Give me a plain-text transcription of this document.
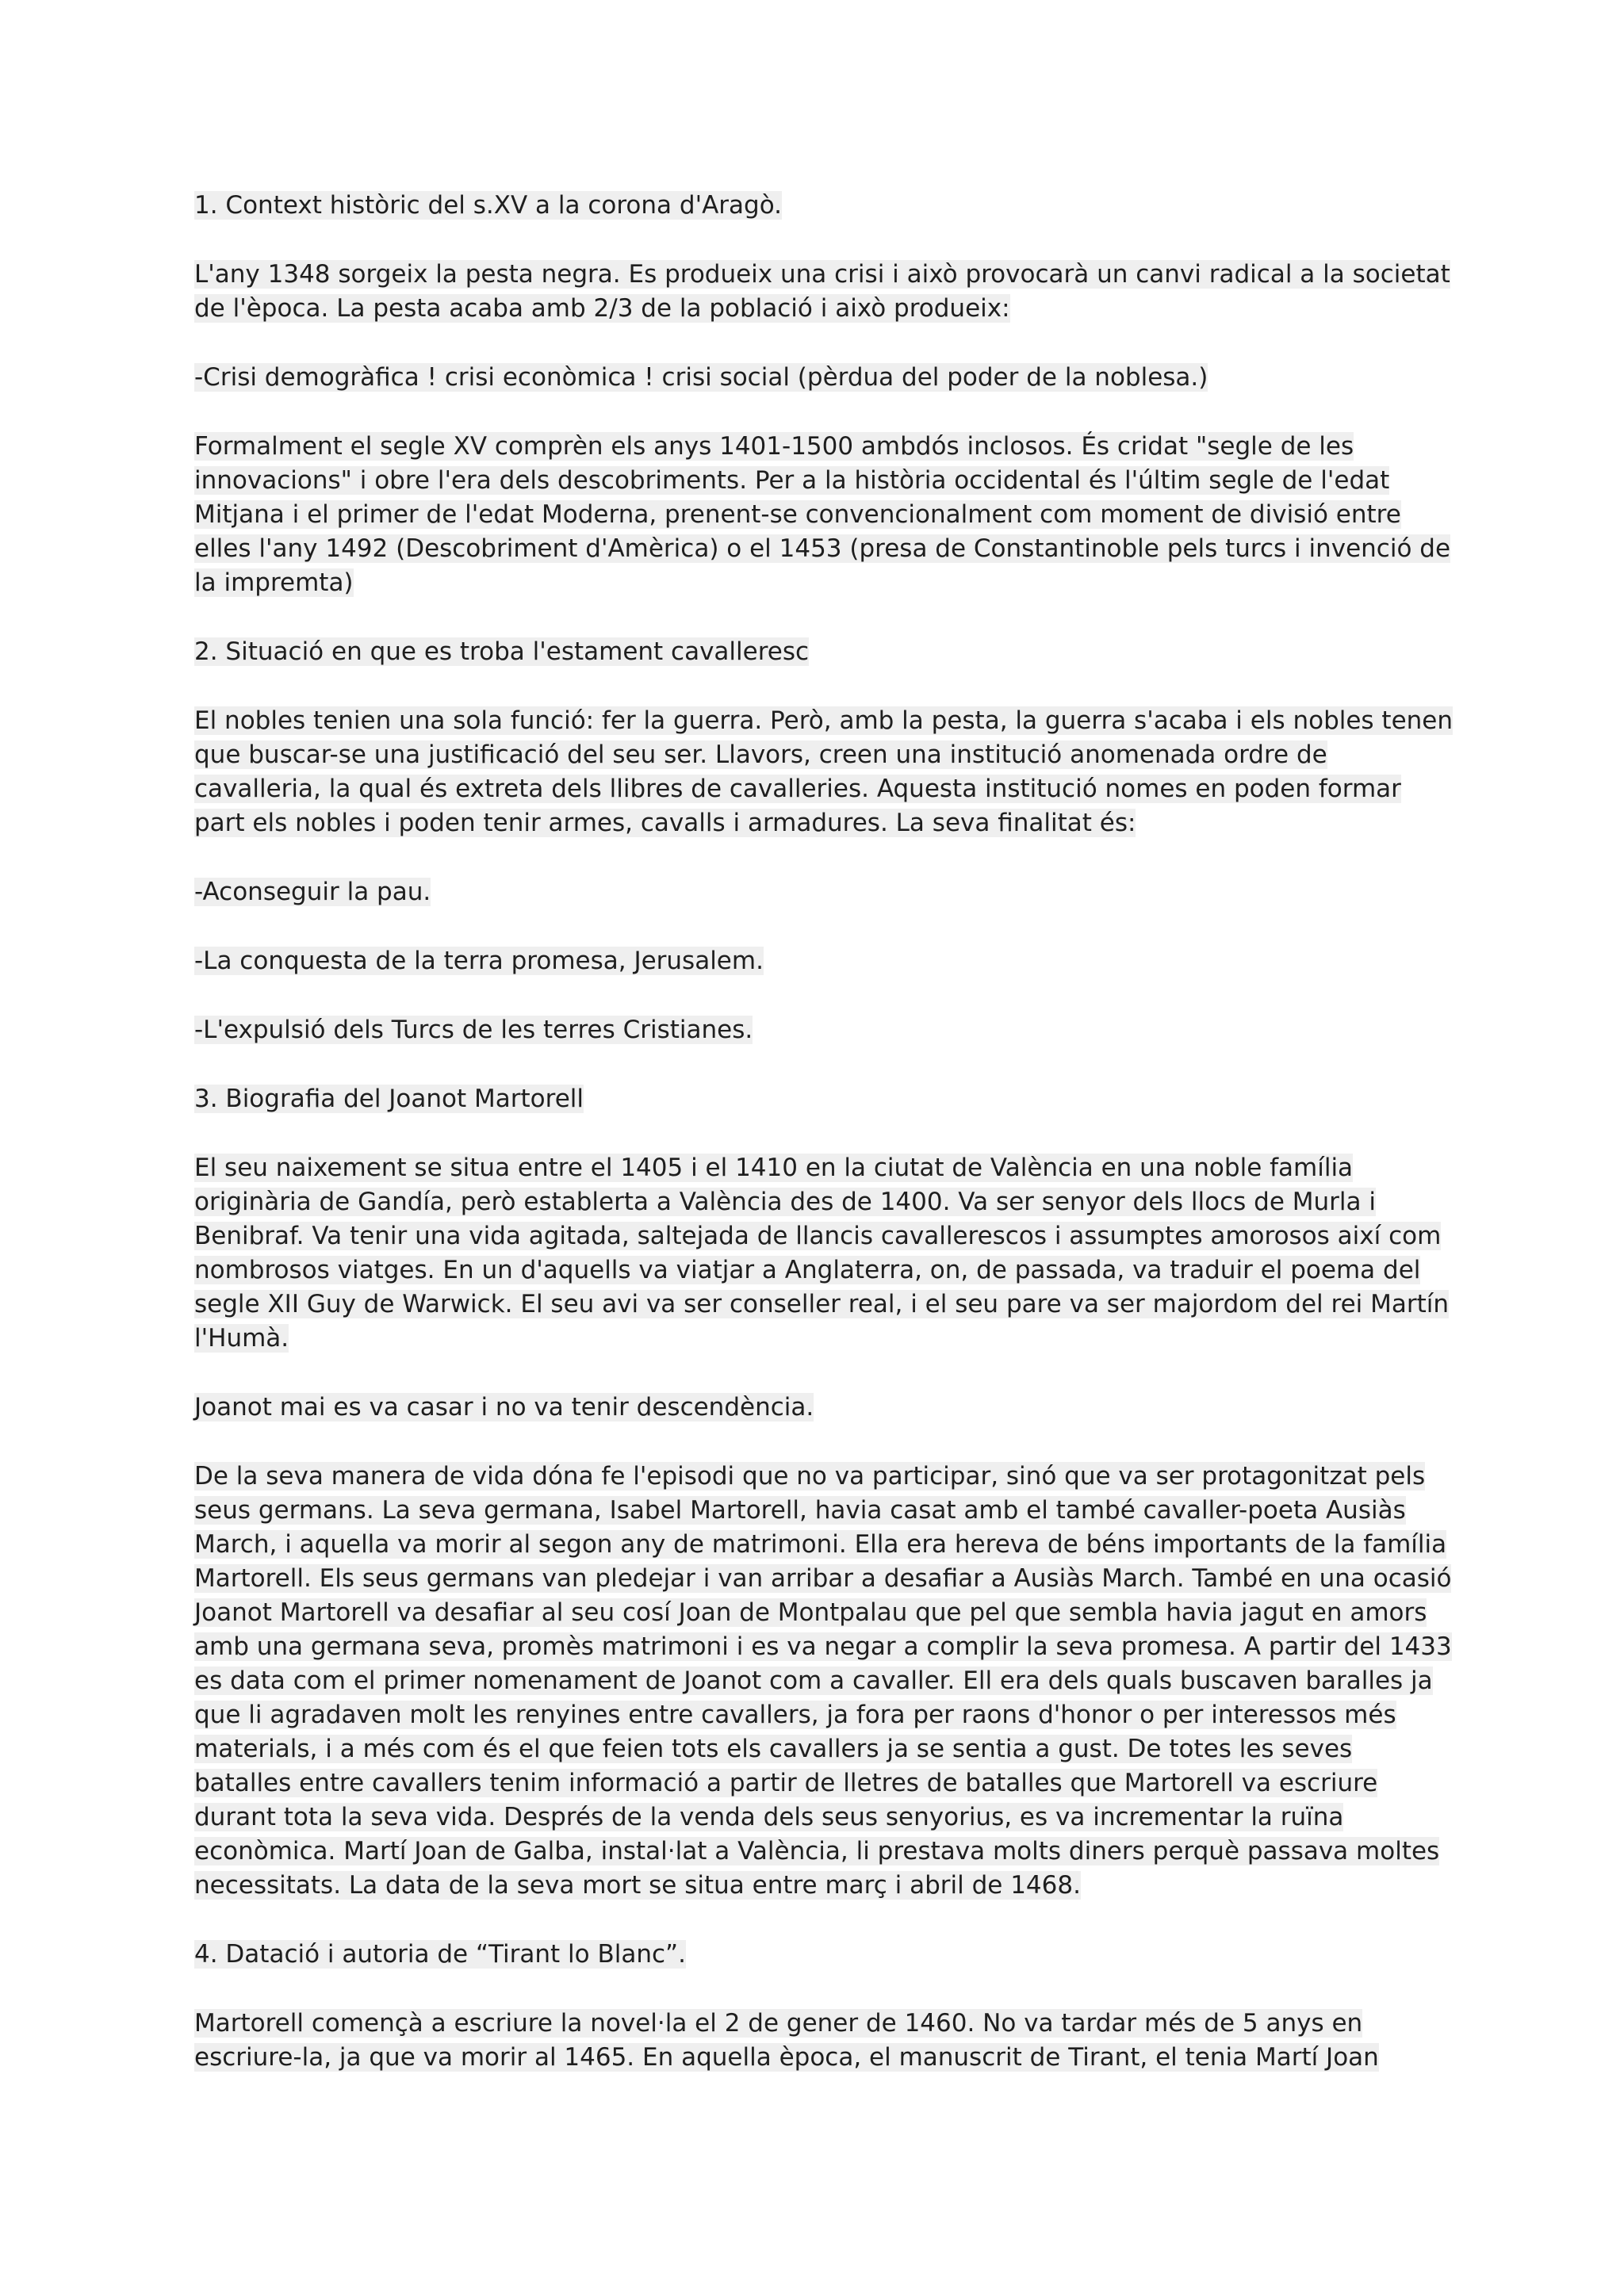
1. Context històric del s.XV a la corona d'Aragò.

L'any 1348 sorgeix la pesta negra. Es produeix una crisi i això provocarà un canvi radical a la societat de l'època. La pesta acaba amb 2/3 de la població i això produeix:

-Crisi demogràfica ! crisi econòmica ! crisi social (pèrdua del poder de la noblesa.)

Formalment el segle XV comprèn els anys 1401-1500 ambdós inclosos. És cridat "segle de les innovacions" i obre l'era dels descobriments. Per a la història occidental és l'últim segle de l'edat Mitjana i el primer de l'edat Moderna, prenent-se convencionalment com moment de divisió entre elles l'any 1492 (Descobriment d'Amèrica) o el 1453 (presa de Constantinoble pels turcs i invenció de la impremta)

2. Situació en que es troba l'estament cavalleresc

El nobles tenien una sola funció: fer la guerra. Però, amb la pesta, la guerra s'acaba i els nobles tenen que buscar-se una justificació del seu ser. Llavors, creen una institució anomenada ordre de cavalleria, la qual és extreta dels llibres de cavalleries. Aquesta institució nomes en poden formar part els nobles i poden tenir armes, cavalls i armadures. La seva finalitat és:

-Aconseguir la pau.

-La conquesta de la terra promesa, Jerusalem.

-L'expulsió dels Turcs de les terres Cristianes.

3. Biografia del Joanot Martorell

El seu naixement se situa entre el 1405 i el 1410 en la ciutat de València en una noble família originària de Gandía, però establerta a València des de 1400. Va ser senyor dels llocs de Murla i Benibraf. Va tenir una vida agitada, saltejada de llancis cavallerescos i assumptes amorosos així com nombrosos viatges. En un d'aquells va viatjar a Anglaterra, on, de passada, va traduir el poema del segle XII Guy de Warwick. El seu avi va ser conseller real, i el seu pare va ser majordom del rei Martín l'Humà.

Joanot mai es va casar i no va tenir descendència.

De la seva manera de vida dóna fe l'episodi que no va participar, sinó que va ser protagonitzat pels seus germans. La seva germana, Isabel Martorell, havia casat amb el també cavaller-poeta Ausiàs March, i aquella va morir al segon any de matrimoni. Ella era hereva de béns importants de la família Martorell. Els seus germans van pledejar i van arribar a desafiar a Ausiàs March. També en una ocasió Joanot Martorell va desafiar al seu cosí Joan de Montpalau que pel que sembla havia jagut en amors amb una germana seva, promès matrimoni i es va negar a complir la seva promesa. A partir del 1433 es data com el primer nomenament de Joanot com a cavaller. Ell era dels quals buscaven baralles ja que li agradaven molt les renyines entre cavallers, ja fora per raons d'honor o per interessos més materials, i a més com és el que feien tots els cavallers ja se sentia a gust. De totes les seves batalles entre cavallers tenim informació a partir de lletres de batalles que Martorell va escriure durant tota la seva vida. Després de la venda dels seus senyorius, es va incrementar la ruïna econòmica. Martí Joan de Galba, instal·lat a València, li prestava molts diners perquè passava moltes necessitats. La data de la seva mort se situa entre març i abril de 1468.

4. Datació i autoria de “Tirant lo Blanc”.

Martorell començà a escriure la novel·la el 2 de gener de 1460. No va tardar més de 5 anys en escriure-la, ja que va morir al 1465. En aquella època, el manuscrit de Tirant, el tenia Martí Joan
